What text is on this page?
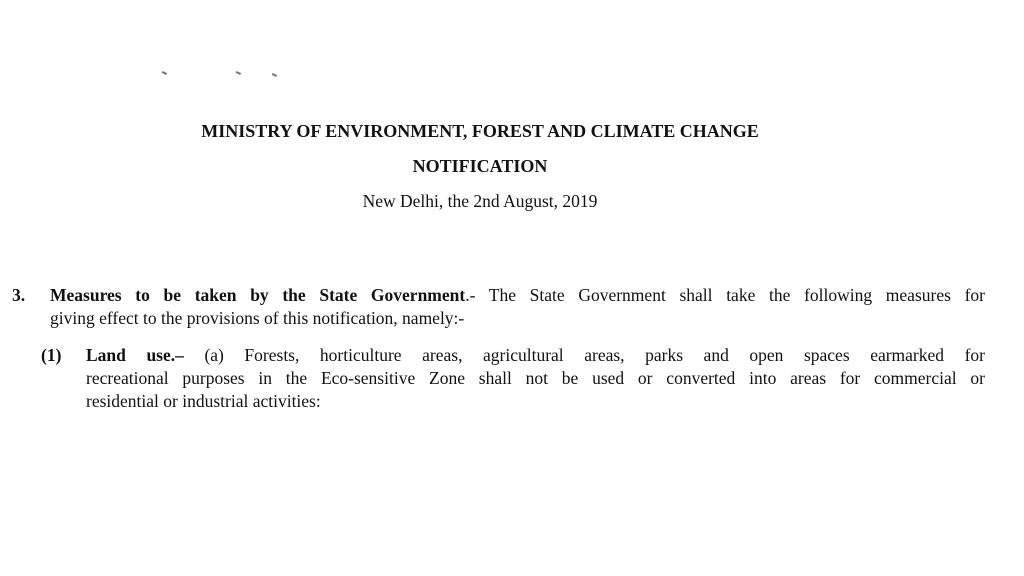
MINISTRY OF ENVIRONMENT, FOREST AND CLIMATE CHANGE
NOTIFICATION
New Delhi, the 2nd August, 2019
3. Measures to be taken by the State Government.- The State Government shall take the following measures for
giving effect to the provisions of this notification, namely:-
(1) Land use.– (a) Forests, horticulture areas, agricultural areas, parks and open spaces earmarked for
recreational purposes in the Eco-sensitive Zone shall not be used or converted into areas for commercial or
residential or industrial activities:
